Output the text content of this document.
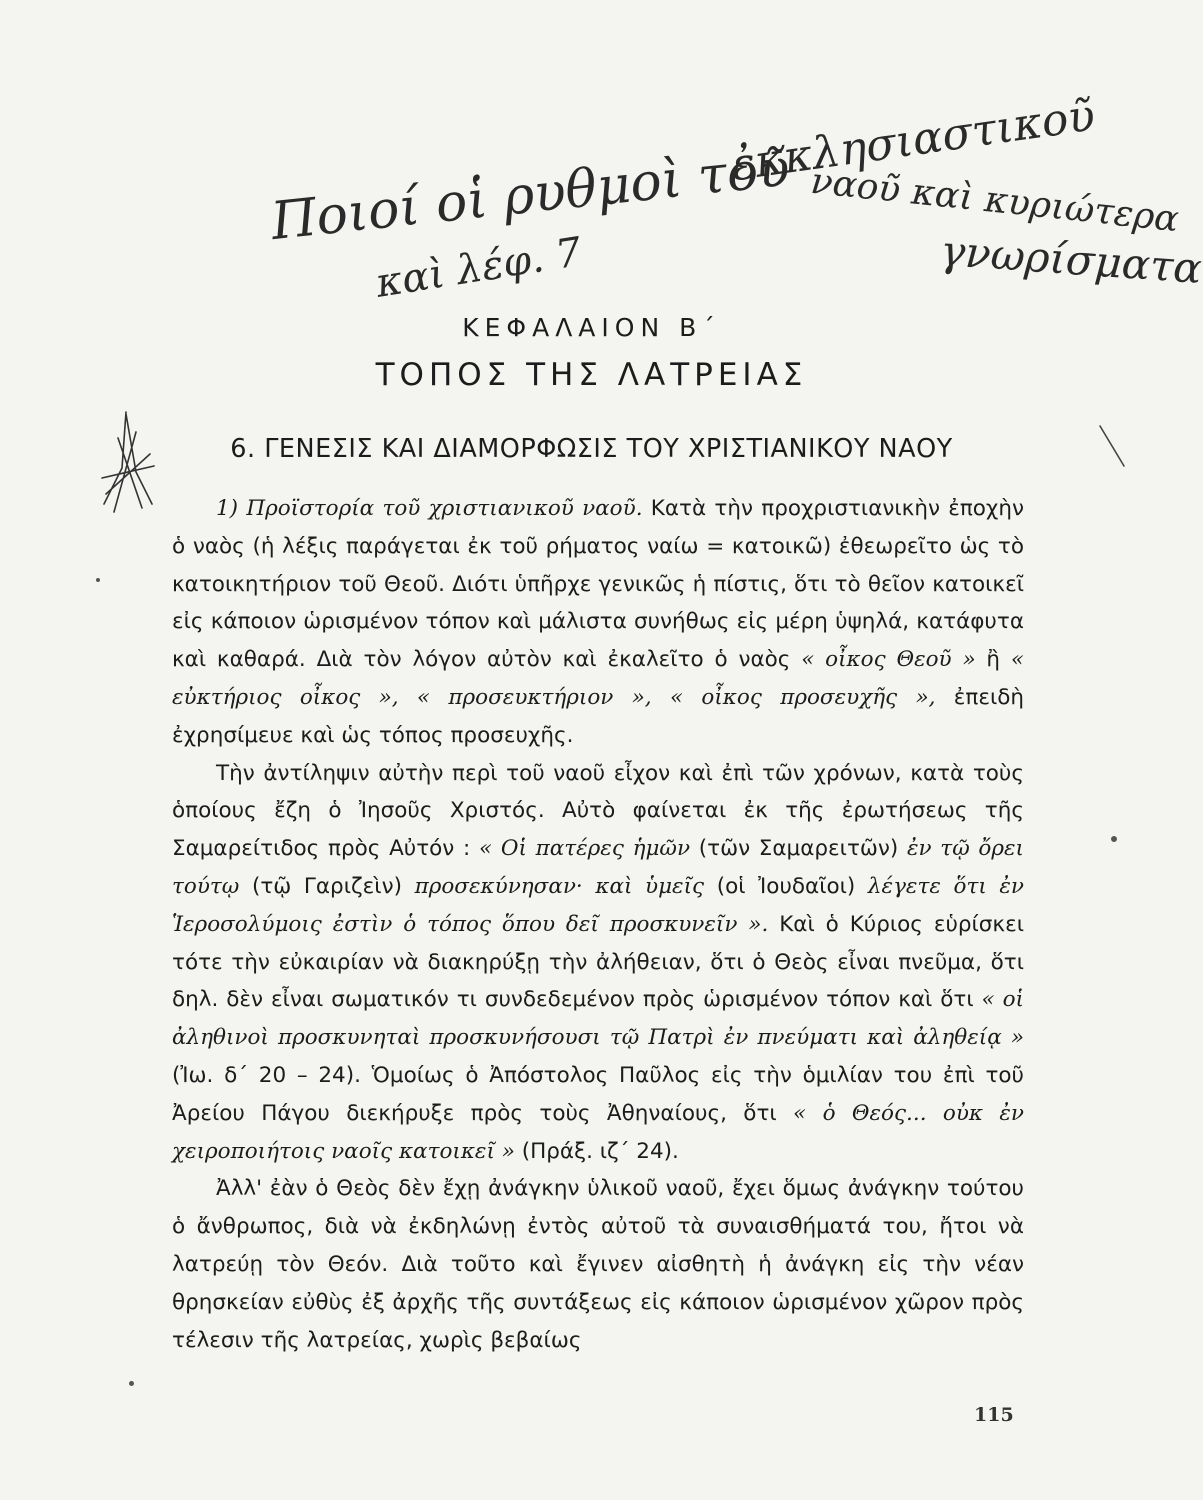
Ποιοί οἱ ρυθμοὶ τοῦ
ἐκκλησιαστικοῦ
ναοῦ καὶ κυριώτερα
καὶ λέφ. 7	γνωρίσματα
ΚΕΦΑΛΑΙΟΝ Β΄
ΤΟΠΟΣ ΤΗΣ ΛΑΤΡΕΙΑΣ
6. ΓΕΝΕΣΙΣ ΚΑΙ ΔΙΑΜΟΡΦΩΣΙΣ ΤΟΥ ΧΡΙΣΤΙΑΝΙΚΟΥ ΝΑΟΥ

1) Προϊστορία τοῦ χριστιανικοῦ ναοῦ. Κατὰ τὴν προχριστιανικὴν ἐποχὴν ὁ ναὸς (ἡ λέξις παράγεται ἐκ τοῦ ρήματος ναίω = κατοικῶ) ἐθεωρεῖτο ὡς τὸ κατοικητήριον τοῦ Θεοῦ. Διότι ὑπῆρχε γενικῶς ἡ πίστις, ὅτι τὸ θεῖον κατοικεῖ εἰς κάποιον ὡρισμένον τόπον καὶ μάλιστα συνήθως εἰς μέρη ὑψηλά, κατάφυτα καὶ καθαρά. Διὰ τὸν λόγον αὐτὸν καὶ ἐκαλεῖτο ὁ ναὸς « οἶκος Θεοῦ » ἢ « εὐκτήριος οἶκος », « προσευκτήριον », « οἶκος προσευχῆς », ἐπειδὴ ἐχρησίμευε καὶ ὡς τόπος προσευχῆς.

Τὴν ἀντίληψιν αὐτὴν περὶ τοῦ ναοῦ εἶχον καὶ ἐπὶ τῶν χρόνων, κατὰ τοὺς ὁποίους ἔζη ὁ Ἰησοῦς Χριστός. Αὐτὸ φαίνεται ἐκ τῆς ἐρωτήσεως τῆς Σαμαρείτιδος πρὸς Αὐτόν : « Οἱ πατέρες ἡμῶν (τῶν Σαμαρειτῶν) ἐν τῷ ὄρει τούτῳ (τῷ Γαριζεὶν) προσεκύνησαν· καὶ ὑμεῖς (οἱ Ἰουδαῖοι) λέγετε ὅτι ἐν Ἱεροσολύμοις ἐστὶν ὁ τόπος ὅπου δεῖ προσκυνεῖν ». Καὶ ὁ Κύριος εὑρίσκει τότε τὴν εὐκαιρίαν νὰ διακηρύξῃ τὴν ἀλήθειαν, ὅτι ὁ Θεὸς εἶναι πνεῦμα, ὅτι δηλ. δὲν εἶναι σωματικόν τι συνδεδεμένον πρὸς ὡρισμένον τόπον καὶ ὅτι « οἱ ἀληθινοὶ προσκυνηταὶ προσκυνήσουσι τῷ Πατρὶ ἐν πνεύματι καὶ ἀληθείᾳ » (Ἰω. δ΄ 20 – 24). Ὁμοίως ὁ Ἀπόστολος Παῦλος εἰς τὴν ὁμιλίαν του ἐπὶ τοῦ Ἀρείου Πάγου διεκήρυξε πρὸς τοὺς Ἀθηναίους, ὅτι « ὁ Θεός... οὐκ ἐν χειροποιήτοις ναοῖς κατοικεῖ » (Πράξ. ιζ΄ 24).

Ἀλλ' ἐὰν ὁ Θεὸς δὲν ἔχῃ ἀνάγκην ὑλικοῦ ναοῦ, ἔχει ὅμως ἀνάγκην τούτου ὁ ἄνθρωπος, διὰ νὰ ἐκδηλώνῃ ἐντὸς αὐτοῦ τὰ συναισθήματά του, ἤτοι νὰ λατρεύῃ τὸν Θεόν. Διὰ τοῦτο καὶ ἔγινεν αἰσθητὴ ἡ ἀνάγκη εἰς τὴν νέαν θρησκείαν εὐθὺς ἐξ ἀρχῆς τῆς συντάξεως εἰς κάποιον ὡρισμένον χῶρον πρὸς τέλεσιν τῆς λατρείας, χωρὶς βεβαίως

115
